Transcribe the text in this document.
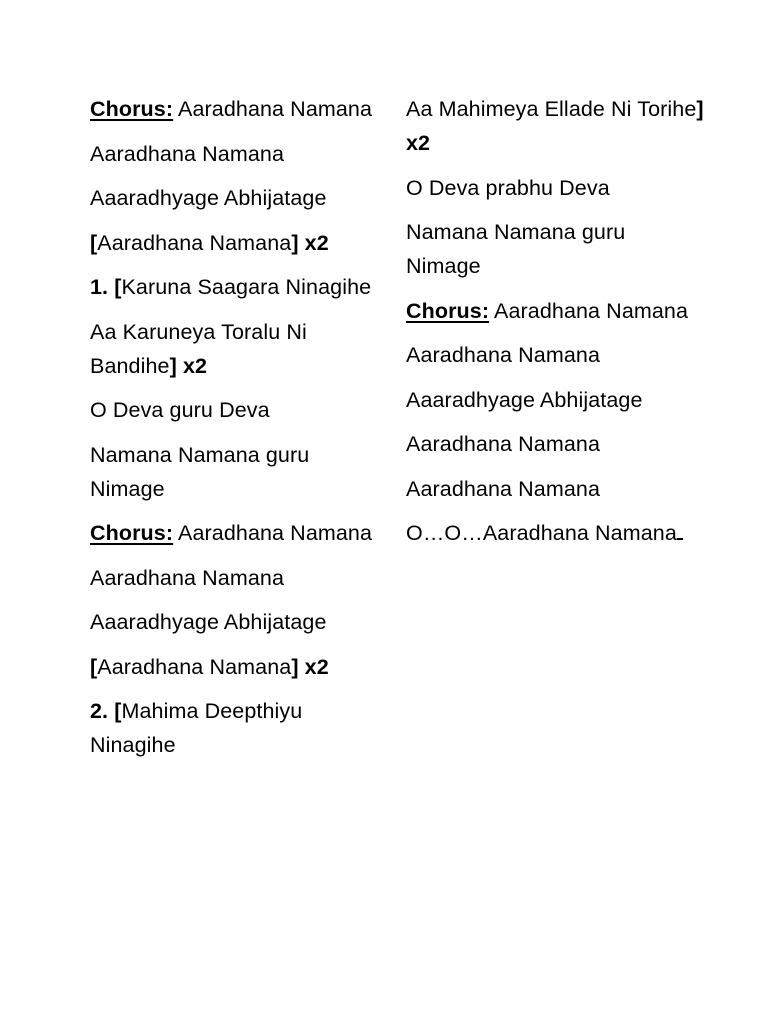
Chorus: Aaradhana Namana

Aaradhana Namana

Aaaradhyage Abhijatage

[Aaradhana Namana] x2

1. [Karuna Saagara Ninagihe

Aa Karuneya Toralu Ni Bandihe] x2

O Deva guru Deva

Namana Namana guru Nimage

Chorus: Aaradhana Namana

Aaradhana Namana

Aaaradhyage Abhijatage

[Aaradhana Namana] x2

2. [Mahima Deepthiyu Ninagihe

Aa Mahimeya Ellade Ni Torihe] x2

O Deva prabhu Deva

Namana Namana guru Nimage

Chorus: Aaradhana Namana

Aaradhana Namana

Aaaradhyage Abhijatage

Aaradhana Namana

Aaradhana Namana

O…O…Aaradhana Namana
